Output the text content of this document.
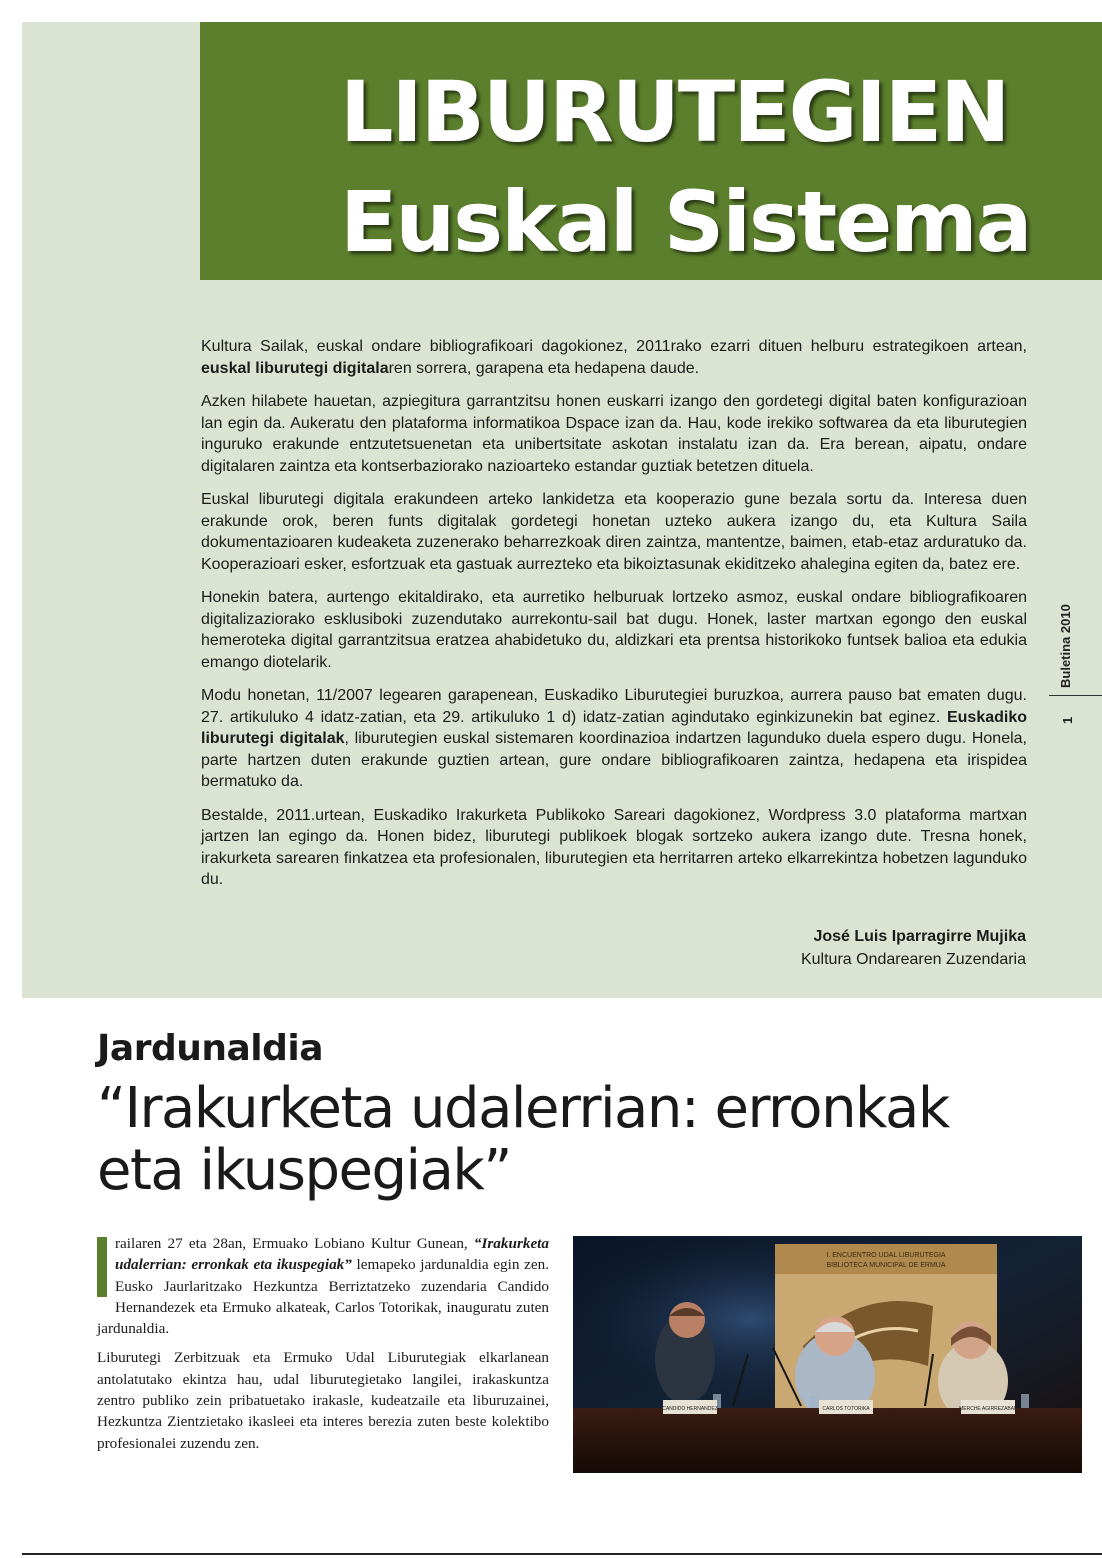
LIBURUTEGIEN
Euskal Sistema

Kultura Sailak, euskal ondare bibliografikoari dagokionez, 2011rako ezarri dituen helburu estrategikoen artean, euskal liburutegi digitalaren sorrera, garapena eta hedapena daude.

Azken hilabete hauetan, azpiegitura garrantzitsu honen euskarri izango den gordetegi digital baten konfigurazioan lan egin da. Aukeratu den plataforma informatikoa Dspace izan da. Hau, kode irekiko softwarea da eta liburutegien inguruko erakunde entzutetsuenetan eta unibertsitate askotan instalatu izan da. Era berean, aipatu, ondare digitalaren zaintza eta kontserbaziorako nazioarteko estandar guztiak betetzen dituela.

Euskal liburutegi digitala erakundeen arteko lankidetza eta kooperazio gune bezala sortu da. Interesa duen erakunde orok, beren funts digitalak gordetegi honetan uzteko aukera izango du, eta Kultura Saila dokumentazioaren kudeaketa zuzenerako beharrezkoak diren zaintza, mantentze, baimen, etab-etaz arduratuko da. Kooperazioari esker, esfortzuak eta gastuak aurrezteko eta bikoiztasunak ekiditzeko ahalegina egiten da, batez ere.

Honekin batera, aurtengo ekitaldirako, eta aurretiko helburuak lortzeko asmoz, euskal ondare bibliografikoaren digitalizaziorako esklusiboki zuzendutako aurrekontu-sail bat dugu. Honek, laster martxan egongo den euskal hemeroteka digital garrantzitsua eratzea ahabidetuko du, aldizkari eta prentsa historikoko funtsek balioa eta edukia emango diotelarik.

Modu honetan, 11/2007 legearen garapenean, Euskadiko Liburutegiei buruzkoa, aurrera pauso bat ematen dugu. 27. artikuluko 4 idatz-zatian, eta 29. artikuluko 1 d) idatz-zatian agindutako eginkizunekin bat eginez. Euskadiko liburutegi digitalak, liburutegien euskal sistemaren koordinazioa indartzen lagunduko duela espero dugu. Honela, parte hartzen duten erakunde guztien artean, gure ondare bibliografikoaren zaintza, hedapena eta irispidea bermatuko da.

Bestalde, 2011.urtean, Euskadiko Irakurketa Publikoko Sareari dagokionez, Wordpress 3.0 plataforma martxan jartzen lan egingo da. Honen bidez, liburutegi publikoek blogak sortzeko aukera izango dute. Tresna honek, irakurketa sarearen finkatzea eta profesionalen, liburutegien eta herritarren arteko elkarrekintza hobetzen lagunduko du.

José Luis Iparragirre Mujika
Kultura Ondarearen Zuzendaria
Buletina 2010
1
Jardunaldia
“Irakurketa udalerrian: erronkak eta ikuspegiak”

railaren 27 eta 28an, Ermuako Lobiano Kultur Gunean, “Irakurketa udalerrian: erronkak eta ikuspegiak” lemapeko jardunaldia egin zen. Eusko Jaurlaritzako Hezkuntza Berriztatzeko zuzendaria Candido Hernandezek eta Ermuko alkateak, Carlos Totorikak, inauguratu zuten jardunaldia.

Liburutegi Zerbitzuak eta Ermuko Udal Liburutegiak elkarlanean antolatutako ekintza hau, udal liburutegietako langilei, irakaskuntza zentro publiko zein pribatuetako irakasle, kudeatzaile eta liburuzainei, Hezkuntza Zientzietako ikasleei eta interes berezia zuten beste kolektibo profesionalei zuzendu zen.

I. ENCUENTRO UDAL LIBURUTEGIA
BIBLIOTECA MUNICIPAL DE ERMUA
CANDIDO HERNANDEZ	CARLOS TOTORIKA	MERCHE AGIRREZABAL
